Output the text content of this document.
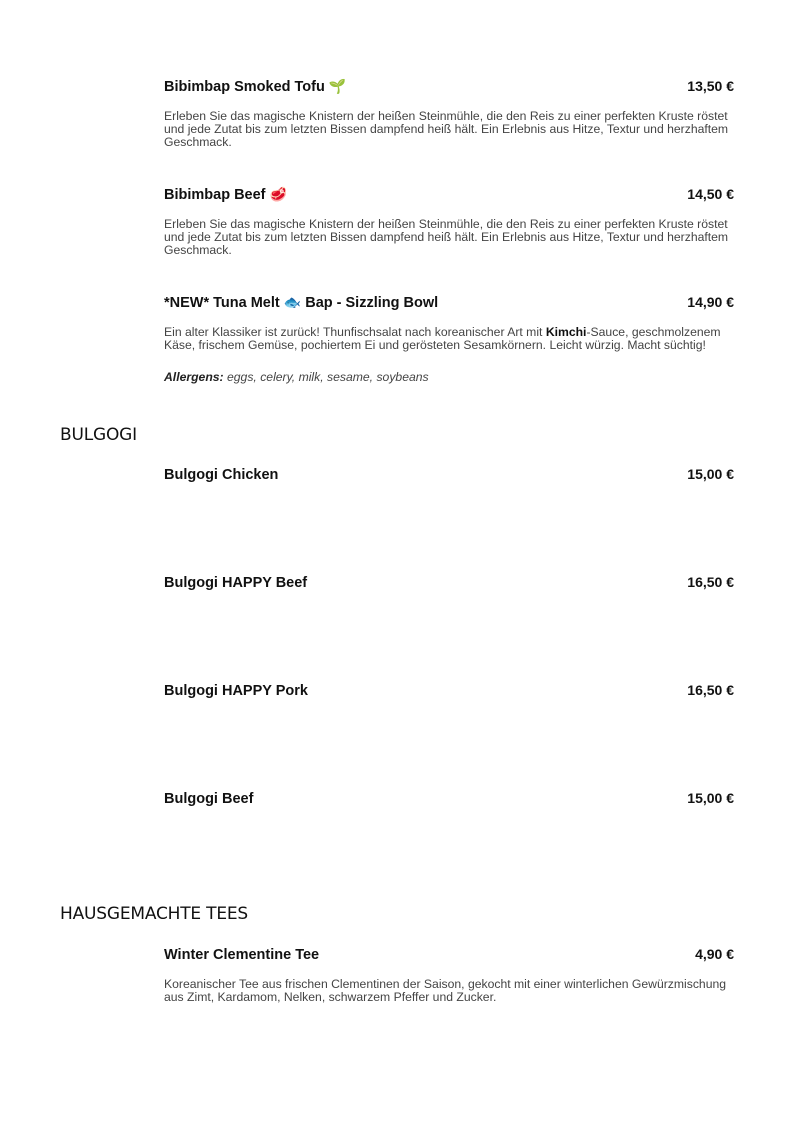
Bibimbap Smoked Tofu 🌱	13,50 €
Erleben Sie das magische Knistern der heißen Steinmühle, die den Reis zu einer perfekten Kruste röstet und jede Zutat bis zum letzten Bissen dampfend heiß hält. Ein Erlebnis aus Hitze, Textur und herzhaftem Geschmack.
Bibimbap Beef 🥩	14,50 €
Erleben Sie das magische Knistern der heißen Steinmühle, die den Reis zu einer perfekten Kruste röstet und jede Zutat bis zum letzten Bissen dampfend heiß hält. Ein Erlebnis aus Hitze, Textur und herzhaftem Geschmack.
*NEW* Tuna Melt 🐟 Bap - Sizzling Bowl	14,90 €
Ein alter Klassiker ist zurück! Thunfischsalat nach koreanischer Art mit Kimchi-Sauce, geschmolzenem Käse, frischem Gemüse, pochiertem Ei und gerösteten Sesamkörnern. Leicht würzig. Macht süchtig!
Allergens: eggs, celery, milk, sesame, soybeans
BULGOGI
Bulgogi Chicken	15,00 €
Bulgogi HAPPY Beef	16,50 €
Bulgogi HAPPY Pork	16,50 €
Bulgogi Beef	15,00 €
HAUSGEMACHTE TEES
Winter Clementine Tee	4,90 €
Koreanischer Tee aus frischen Clementinen der Saison, gekocht mit einer winterlichen Gewürzmischung aus Zimt, Kardamom, Nelken, schwarzem Pfeffer und Zucker.
